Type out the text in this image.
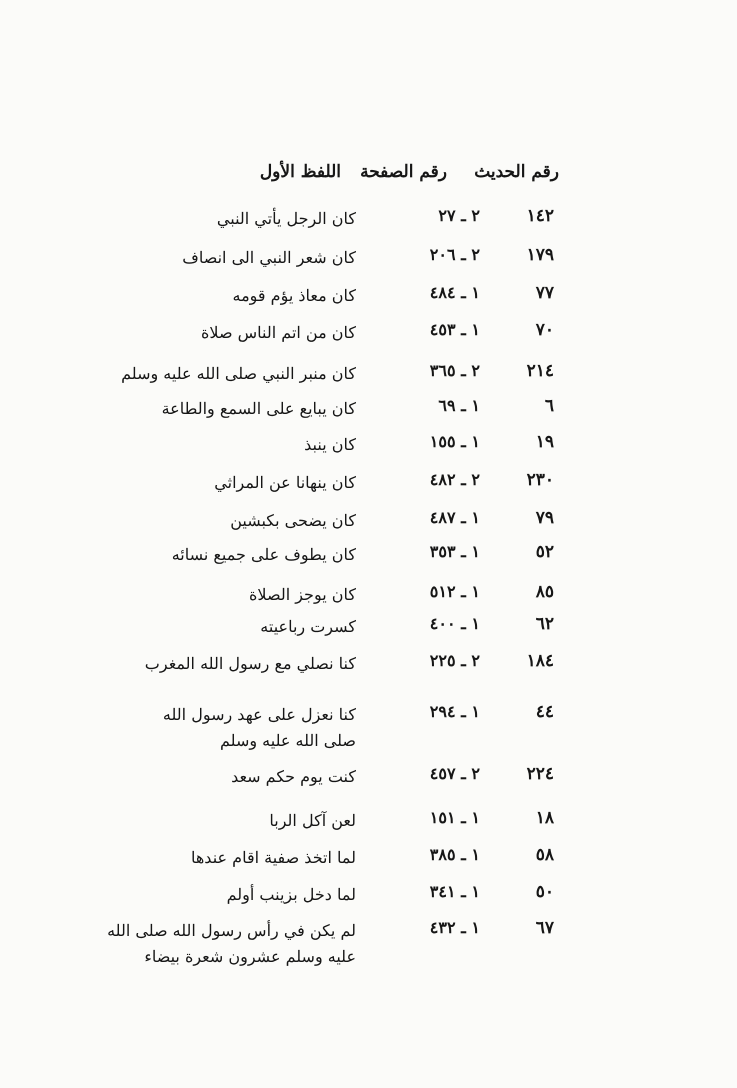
رقم الحديث
رقم الصفحة
اللفظ الأول
١٤٢
٢ ـ ٢٧
كان الرجل يأتي النبي
١٧٩
٢ ـ ٢٠٦
كان شعر النبي الى انصاف
٧٧
١ ـ ٤٨٤
كان معاذ يؤم قومه
٧٠
١ ـ ٤٥٣
كان من اتم الناس صلاة
٢١٤
٢ ـ ٣٦٥
كان منبر النبي صلى الله عليه وسلم
٦
١ ـ ٦٩
كان يبايع على السمع والطاعة
١٩
١ ـ ١٥٥
كان ينبذ
٢٣٠
٢ ـ ٤٨٢
كان ينهانا عن المراثي
٧٩
١ ـ ٤٨٧
كان يضحى بكبشين
٥٢
١ ـ ٣٥٣
كان يطوف على جميع نسائه
٨٥
١ ـ ٥١٢
كان يوجز الصلاة
٦٢
١ ـ ٤٠٠
كسرت رباعيته
١٨٤
٢ ـ ٢٢٥
كنا نصلي مع رسول الله المغرب
٤٤
١ ـ ٢٩٤
كنا نعزل على عهد رسول الله
صلى الله عليه وسلم
٢٢٤
٢ ـ ٤٥٧
كنت يوم حكم سعد
١٨
١ ـ ١٥١
لعن آكل الربا
٥٨
١ ـ ٣٨٥
لما اتخذ صفية اقام عندها
٥٠
١ ـ ٣٤١
لما دخل بزينب أولم
٦٧
١ ـ ٤٣٢
لم يكن في رأس رسول الله صلى الله
عليه وسلم عشرون شعرة بيضاء
